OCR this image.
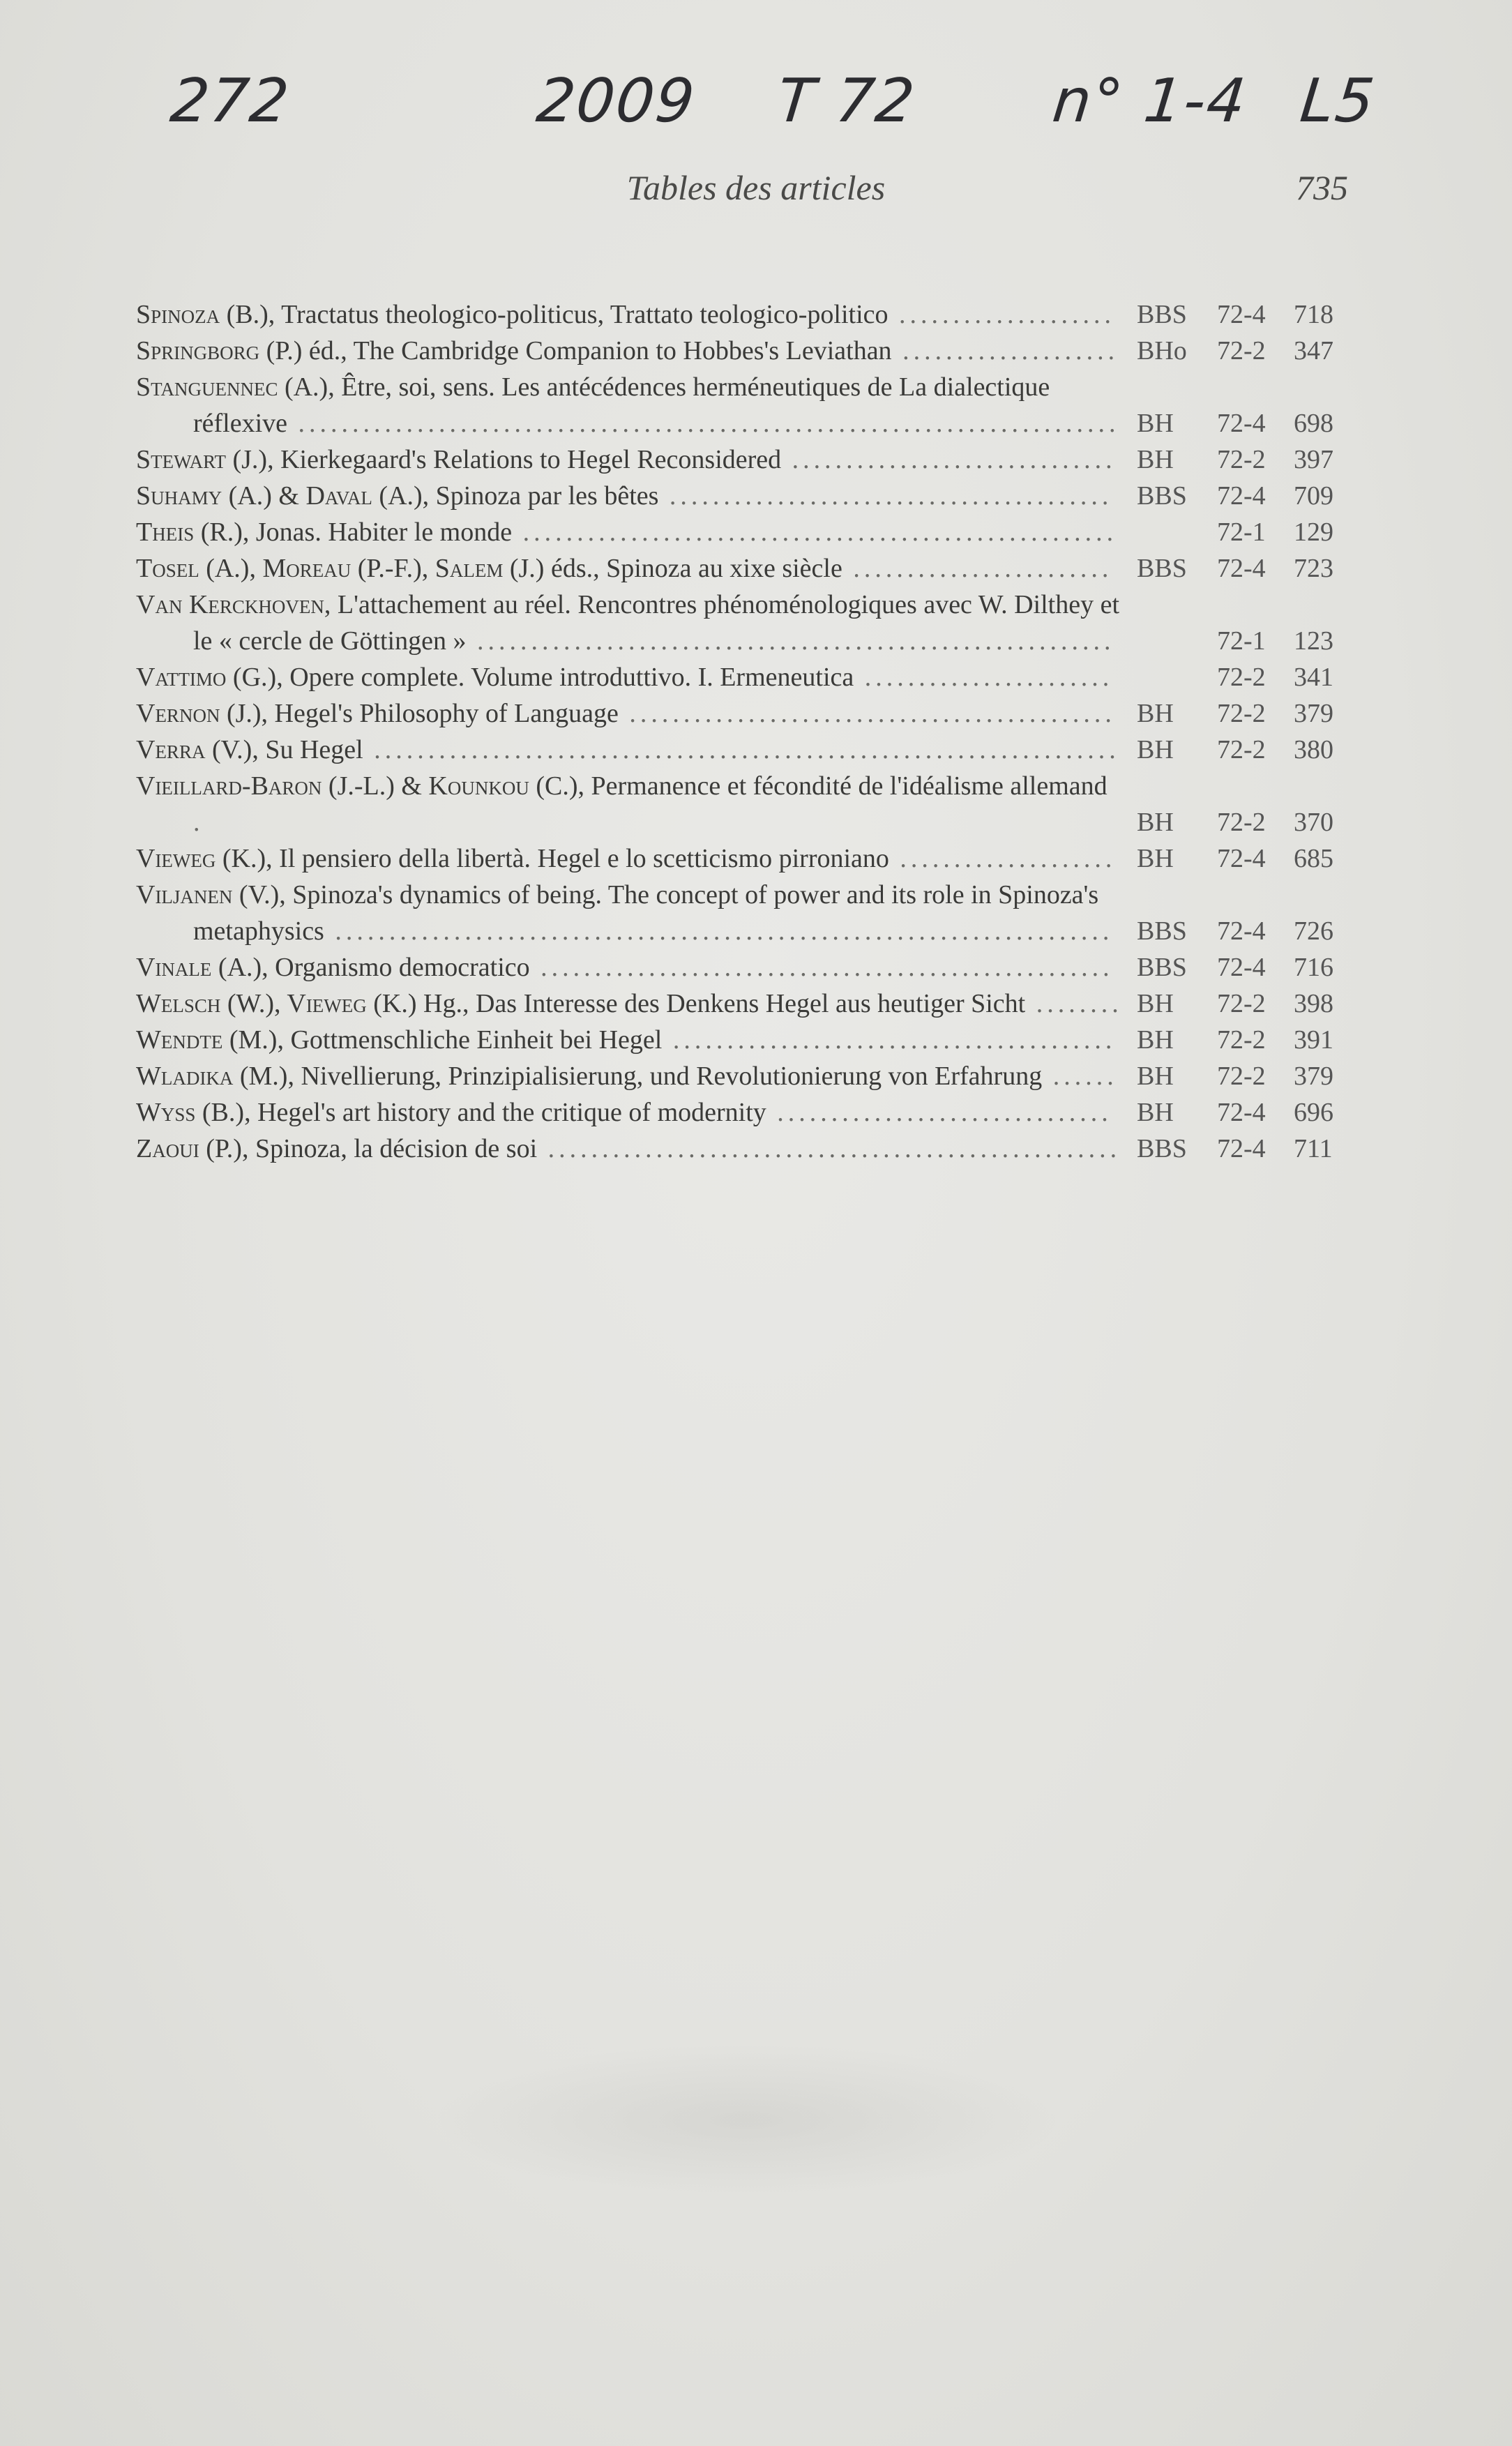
272	2009 T 72 n° 1-4 L5
Tables des articles	735
Spinoza (B.), Tractatus theologico-politicus, Trattato teologico-politico .................... BBS	72-4	718
Springborg (P.) éd., The Cambridge Companion to Hobbes's Leviathan .................... BHo	72-2	347
Stanguennec (A.), Être, soi, sens. Les antécédences herméneutiques de La dialectique réflexive ............................................................................ BH	72-4	698
Stewart (J.), Kierkegaard's Relations to Hegel Reconsidered .............................. BH	72-2	397
Suhamy (A.) & Daval (A.), Spinoza par les bêtes ......................................... BBS	72-4	709
Theis (R.), Jonas. Habiter le monde .......................................................	72-1	129
Tosel (A.), Moreau (P.-F.), Salem (J.) éds., Spinoza au xixe siècle ........................ BBS	72-4	723
Van Kerckhoven, L'attachement au réel. Rencontres phénoménologiques avec W. Dilthey et le « cercle de Göttingen » ...........................................................	72-1	123
Vattimo (G.), Opere complete. Volume introduttivo. I. Ermeneutica .......................	72-2	341
Vernon (J.), Hegel's Philosophy of Language ............................................. BH	72-2	379
Verra (V.), Su Hegel ..................................................................... BH	72-2	380
Vieillard-Baron (J.-L.) & Kounkou (C.), Permanence et fécondité de l'idéalisme allemand .	BH	72-2	370
Vieweg (K.), Il pensiero della libertà. Hegel e lo scetticismo pirroniano .................... BH	72-4	685
Viljanen (V.), Spinoza's dynamics of being. The concept of power and its role in Spinoza's metaphysics ........................................................................ BBS	72-4	726
Vinale (A.), Organismo democratico ..................................................... BBS	72-4	716
Welsch (W.), Vieweg (K.) Hg., Das Interesse des Denkens Hegel aus heutiger Sicht ........ BH	72-2	398
Wendte (M.), Gottmenschliche Einheit bei Hegel ......................................... BH	72-2	391
Wladika (M.), Nivellierung, Prinzipialisierung, und Revolutionierung von Erfahrung ...... BH	72-2	379
Wyss (B.), Hegel's art history and the critique of modernity ............................... BH	72-4	696
Zaoui (P.), Spinoza, la décision de soi ..................................................... BBS	72-4	711
